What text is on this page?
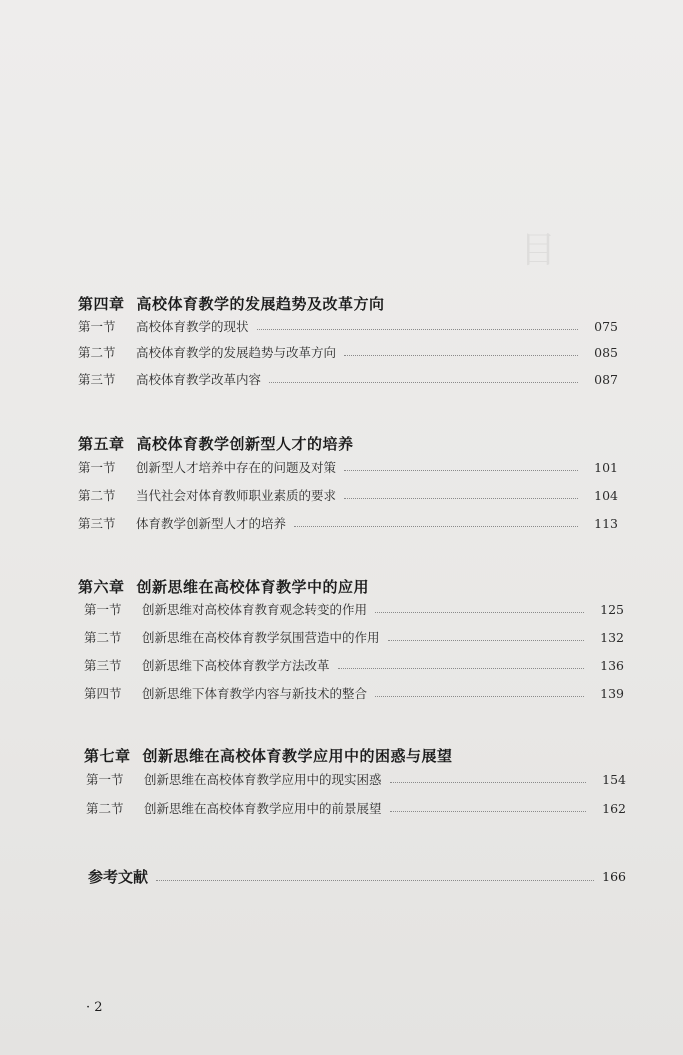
目
第四章 高校体育教学的发展趋势及改革方向
第一节	高校体育教学的现状	075
第二节	高校体育教学的发展趋势与改革方向	085
第三节	高校体育教学改革内容	087
第五章 高校体育教学创新型人才的培养
第一节	创新型人才培养中存在的问题及对策	101
第二节	当代社会对体育教师职业素质的要求	104
第三节	体育教学创新型人才的培养	113
第六章 创新思维在高校体育教学中的应用
第一节	创新思维对高校体育教育观念转变的作用	125
第二节	创新思维在高校体育教学氛围营造中的作用	132
第三节	创新思维下高校体育教学方法改革	136
第四节	创新思维下体育教学内容与新技术的整合	139
第七章 创新思维在高校体育教学应用中的困惑与展望
第一节	创新思维在高校体育教学应用中的现实困惑	154
第二节	创新思维在高校体育教学应用中的前景展望	162
参考文献	166
· 2
